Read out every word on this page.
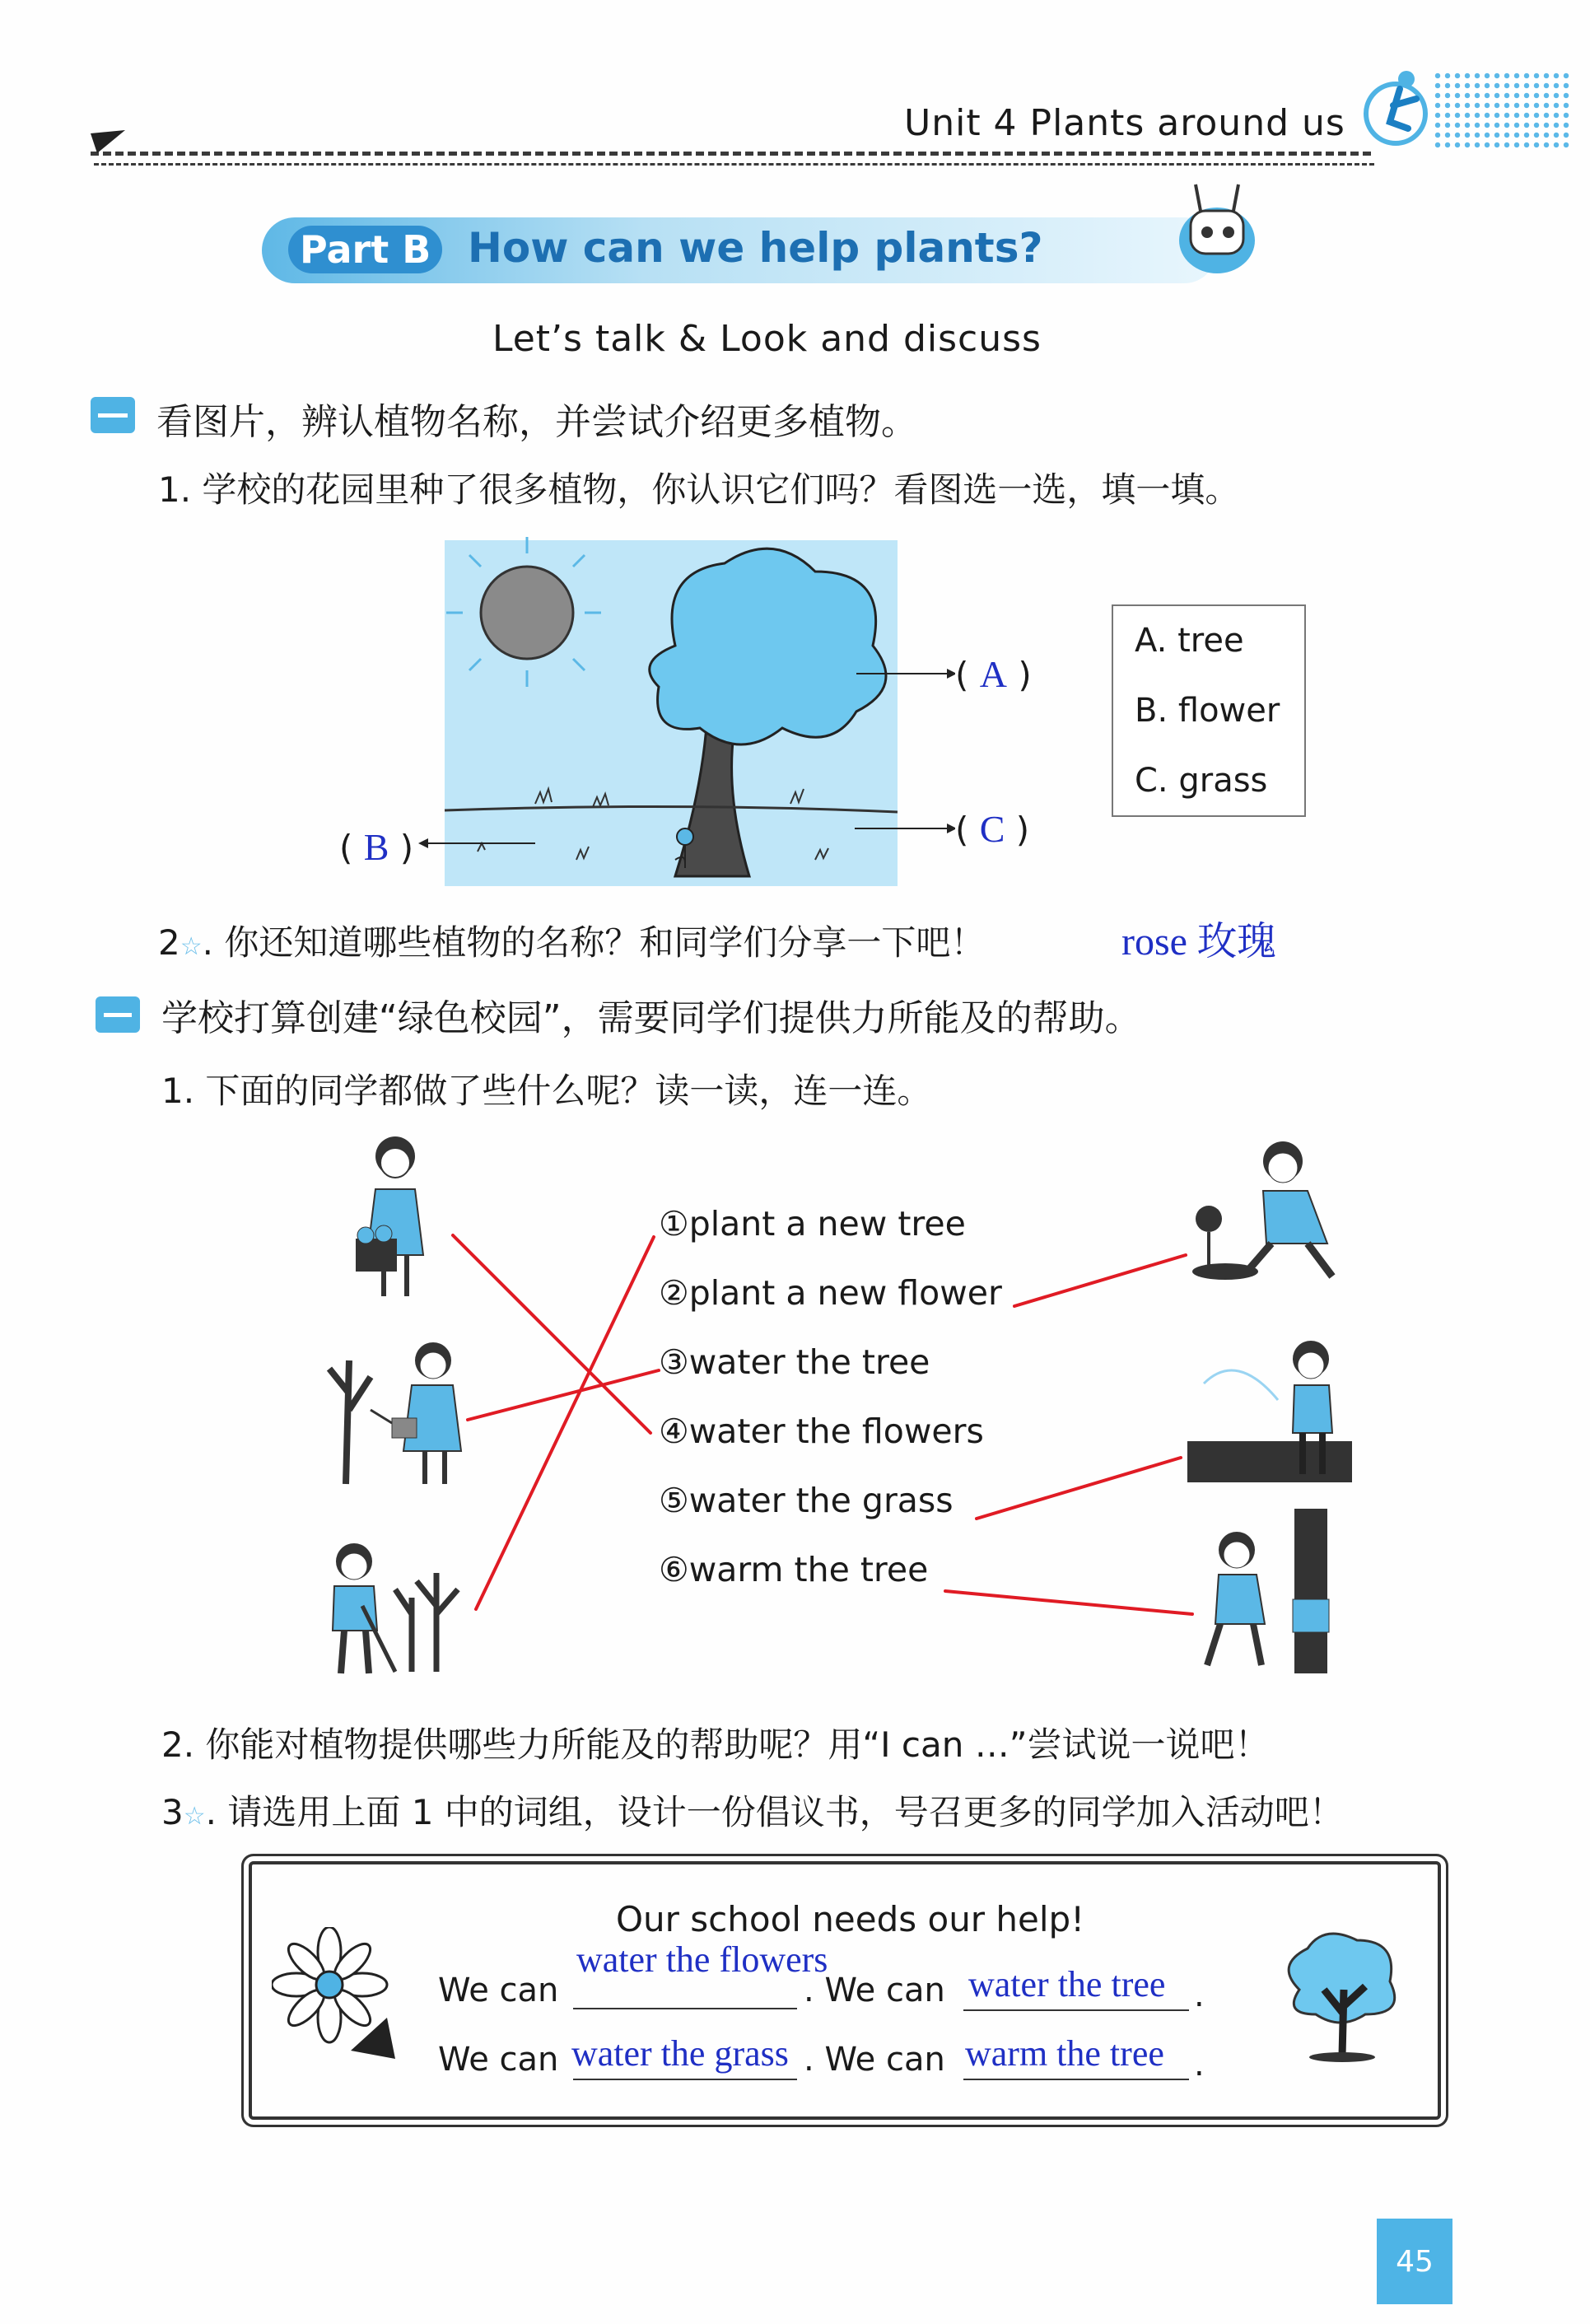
Unit 4 Plants around us
Part B How can we help plants?
Let’s talk & Look and discuss
看图片，辨认植物名称，并尝试介绍更多植物。
1. 学校的花园里种了很多植物，你认识它们吗？看图选一选，填一填。
( A )
( C )
( B )
A. tree
B. flower
C. grass
2☆. 你还知道哪些植物的名称？和同学们分享一下吧！	rose 玫瑰
学校打算创建“绿色校园”，需要同学们提供力所能及的帮助。
1. 下面的同学都做了些什么呢？读一读，连一连。
①plant a new tree
②plant a new flower
③water the tree
④water the flowers
⑤water the grass
⑥warm the tree
2. 你能对植物提供哪些力所能及的帮助呢？用“I can …”尝试说一说吧！
3☆. 请选用上面 1 中的词组，设计一份倡议书，号召更多的同学加入活动吧！
Our school needs our help!
We can
water the flowers
. We can water the tree .
We can water the grass . We can warm the tree .
45
